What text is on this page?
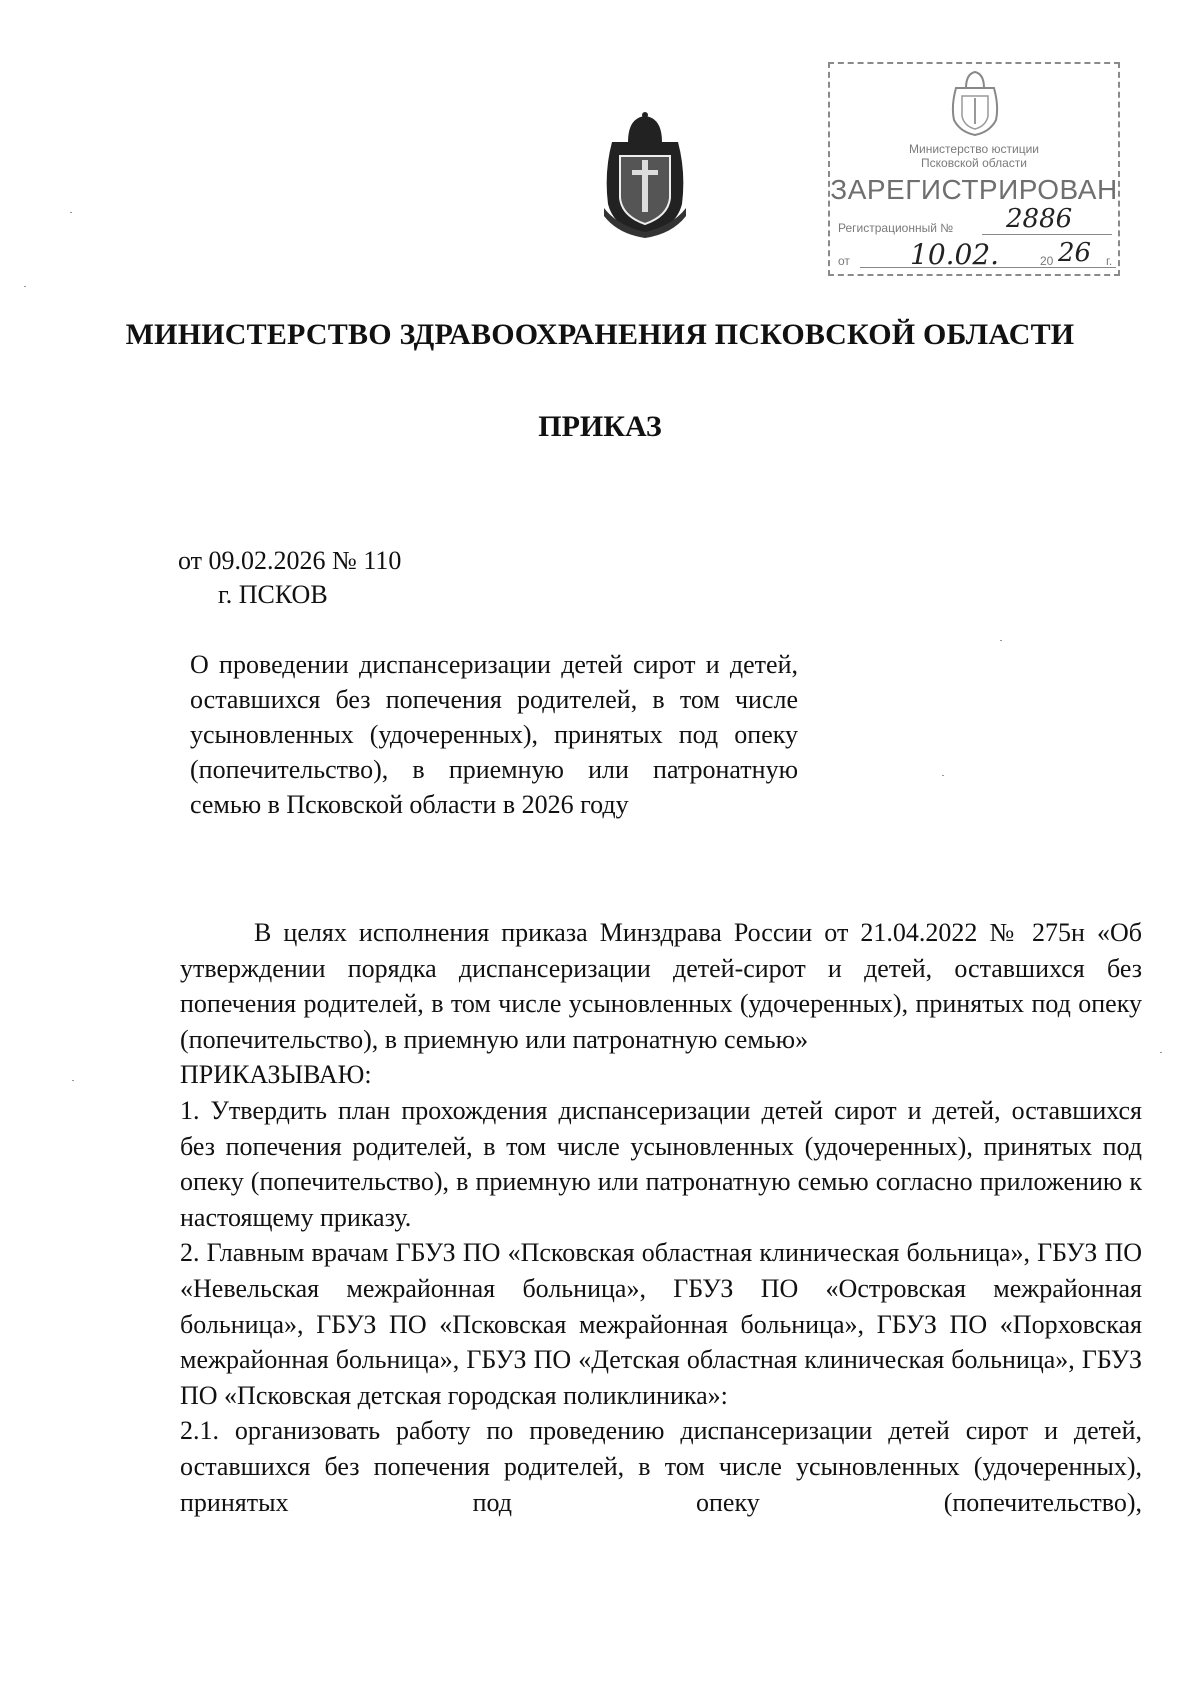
Министерство юстиции
Псковской области
ЗАРЕГИСТРИРОВАН
Регистрационный № 2886
от 10.02.	20 26 г.
МИНИСТЕРСТВО ЗДРАВООХРАНЕНИЯ ПСКОВСКОЙ ОБЛАСТИ
ПРИКАЗ
от 09.02.2026 № 110
г. ПСКОВ
О проведении диспансеризации детей сирот и детей, оставшихся без попечения родителей, в том числе усыновленных (удочеренных), принятых под опеку (попечительство), в приемную или патронатную семью в Псковской области в 2026 году

В целях исполнения приказа Минздрава России от 21.04.2022 № 275н «Об утверждении порядка диспансеризации детей-сирот и детей, оставшихся без попечения родителей, в том числе усыновленных (удочеренных), принятых под опеку (попечительство), в приемную или патронатную семью»

ПРИКАЗЫВАЮ:

1. Утвердить план прохождения диспансеризации детей сирот и детей, оставшихся без попечения родителей, в том числе усыновленных (удочеренных), принятых под опеку (попечительство), в приемную или патронатную семью согласно приложению к настоящему приказу.

2. Главным врачам ГБУЗ ПО «Псковская областная клиническая больница», ГБУЗ ПО «Невельская межрайонная больница», ГБУЗ ПО «Островская межрайонная больница», ГБУЗ ПО «Псковская межрайонная больница», ГБУЗ ПО «Порховская межрайонная больница», ГБУЗ ПО «Детская областная клиническая больница», ГБУЗ ПО «Псковская детская городская поликлиника»:

2.1. организовать работу по проведению диспансеризации детей сирот и детей, оставшихся без попечения родителей, в том числе усыновленных (удочеренных), принятых под опеку (попечительство),
